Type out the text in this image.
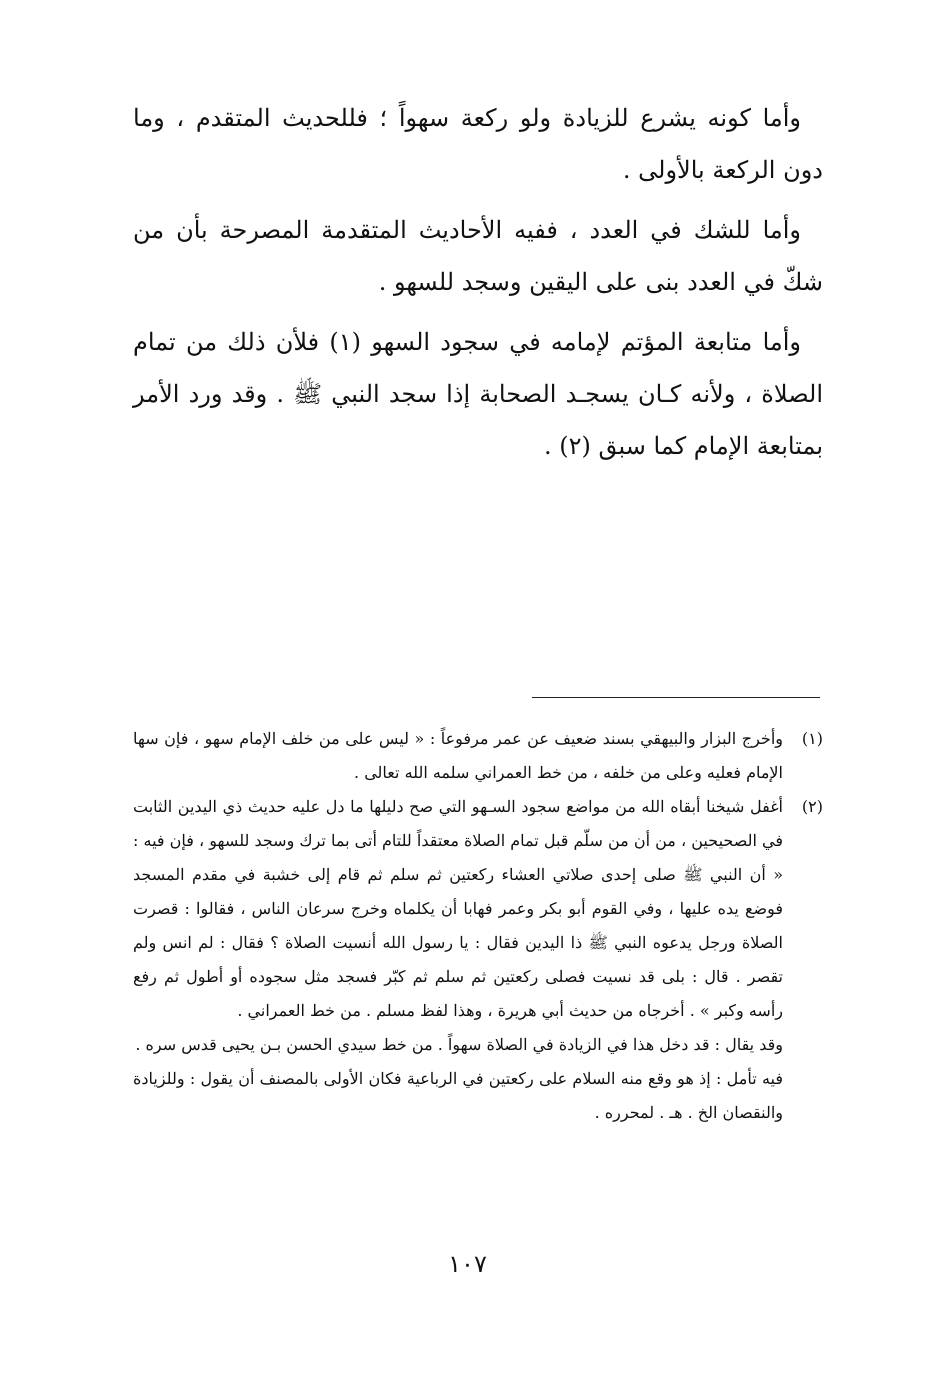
وأما كونه يشرع للزيادة ولو ركعة سهواً ؛ فللحديث المتقدم ، وما دون الركعة بالأولى .

وأما للشك في العدد ، ففيه الأحاديث المتقدمة المصرحة بأن من شكّ في العدد بنى على اليقين وسجد للسهو .

وأما متابعة المؤتم لإمامه في سجود السهو (١) فلأن ذلك من تمام الصلاة ، ولأنه كـان يسجـد الصحابة إذا سجد النبي ﷺ . وقد ورد الأمر بمتابعة الإمام كما سبق (٢) .

(١)
وأخرج البزار والبيهقي بسند ضعيف عن عمر مرفوعاً : « ليس على من خلف الإمام سهو ، فإن سها الإمام فعليه وعلى من خلفه ، من خط العمراني سلمه الله تعالى .
(٢)
أغفل شيخنا أبقاه الله من مواضع سجود السـهو التي صح دليلها ما دل عليه حديث ذي اليدين الثابت في الصحيحين ، من أن من سلّم قبل تمام الصلاة معتقداً للتام أتى بما ترك وسجد للسهو ، فإن فيه : « أن النبي ﷺ صلى إحدى صلاتي العشاء ركعتين ثم سلم ثم قام إلى خشبة في مقدم المسجد فوضع يده عليها ، وفي القوم أبو بكر وعمر فهابا أن يكلماه وخرج سرعان الناس ، فقالوا : قصرت الصلاة ورجل يدعوه النبي ﷺ ذا اليدين فقال : يا رسول الله أنسيت الصلاة ؟ فقال : لم انس ولم تقصر . قال : بلى قد نسيت فصلى ركعتين ثم سلم ثم كبّر فسجد مثل سجوده أو أطول ثم رفع رأسه وكبر » . أخرجاه من حديث أبي هريرة ، وهذا لفظ مسلم . من خط العمراني .

وقد يقال : قد دخل هذا في الزيادة في الصلاة سهواً . من خط سيدي الحسن بـن يحيى قدس سره .

فيه تأمل : إذ هو وقع منه السلام على ركعتين في الرباعية فكان الأولى بالمصنف أن يقول : وللزيادة والنقصان الخ . هـ . لمحرره .

١٠٧
